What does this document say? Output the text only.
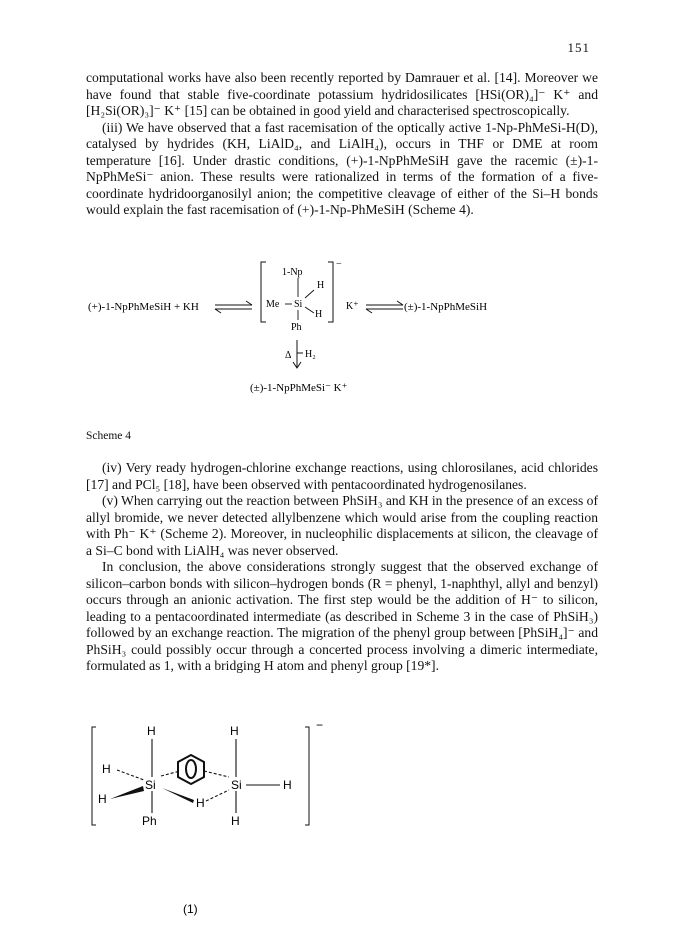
151

computational works have also been recently reported by Damrauer et al. [14]. Moreover we have found that stable five-coordinate potassium hydridosilicates [HSi(OR)₄]⁻ K⁺ and [H₂Si(OR)₃]⁻ K⁺ [15] can be obtained in good yield and characterised spectroscopically.

(iii) We have observed that a fast racemisation of the optically active 1-Np-PhMeSi-H(D), catalysed by hydrides (KH, LiAlD₄, and LiAlH₄), occurs in THF or DME at room temperature [16]. Under drastic conditions, (+)-1-NpPhMeSiH gave the racemic (±)-1-NpPhMeSi⁻ anion. These results were rationalized in terms of the formation of a five-coordinate hydridoorganosilyl anion; the competitive cleavage of either of the Si–H bonds would explain the fast racemisation of (+)-1-Np-PhMeSiH (Scheme 4).

(+)-1-NpPhMeSiH + KH
1-Np
H
Me Si
H
Ph
−
K⁺	(±)-1-NpPhMeSiH
Δ H₂
(±)-1-NpPhMeSi⁻ K⁺
Scheme 4

(iv) Very ready hydrogen-chlorine exchange reactions, using chlorosilanes, acid chlorides [17] and PCl₅ [18], have been observed with pentacoordinated hydrogenosilanes.

(v) When carrying out the reaction between PhSiH₃ and KH in the presence of an excess of allyl bromide, we never detected allylbenzene which would arise from the coupling reaction with Ph⁻ K⁺ (Scheme 2). Moreover, in nucleophilic displacements at silicon, the cleavage of a Si–C bond with LiAlH₄ was never observed.

In conclusion, the above considerations strongly suggest that the observed exchange of silicon–carbon bonds with silicon–hydrogen bonds (R = phenyl, 1-naphthyl, allyl and benzyl) occurs through an anionic activation. The first step would be the addition of H⁻ to silicon, leading to a pentacoordinated intermediate (as described in Scheme 3 in the case of PhSiH₃) followed by an exchange reaction. The migration of the phenyl group between [PhSiH₄]⁻ and PhSiH₃ could possibly occur through a concerted process involving a dimeric intermediate, formulated as 1, with a bridging H atom and phenyl group [19*].

−
H	H
H
Si	Si	H
H	H
Ph	H
(1)
